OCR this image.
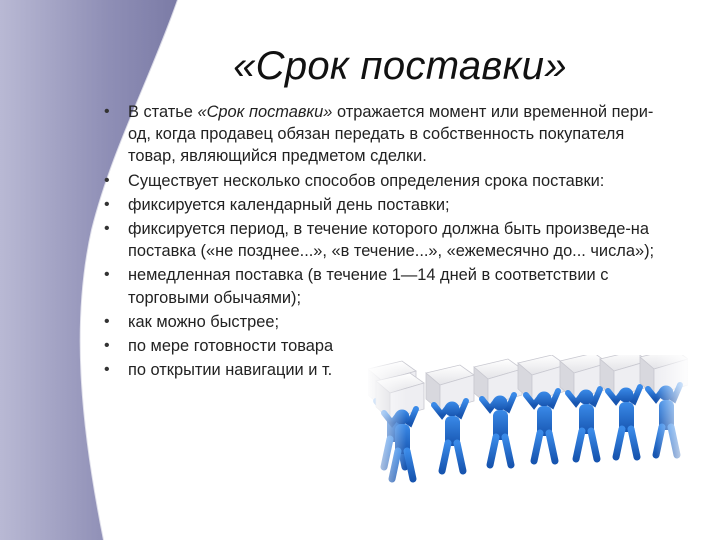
«Срок поставки»
• В статье «Срок поставки» отражается момент или временной пери-од, когда продавец обязан передать в собственность покупателя товар, являющийся предметом сделки.
• Существует несколько способов определения срока поставки:
• фиксируется календарный день поставки;
• фиксируется период, в течение которого должна быть произведе-на поставка («не позднее...», «в течение...», «ежемесячно до... числа»);
• немедленная поставка (в течение 1—14 дней в соответствии с торговыми обычаями);
• как можно быстрее;
• по мере готовности товара
• по открытии навигации и т.
